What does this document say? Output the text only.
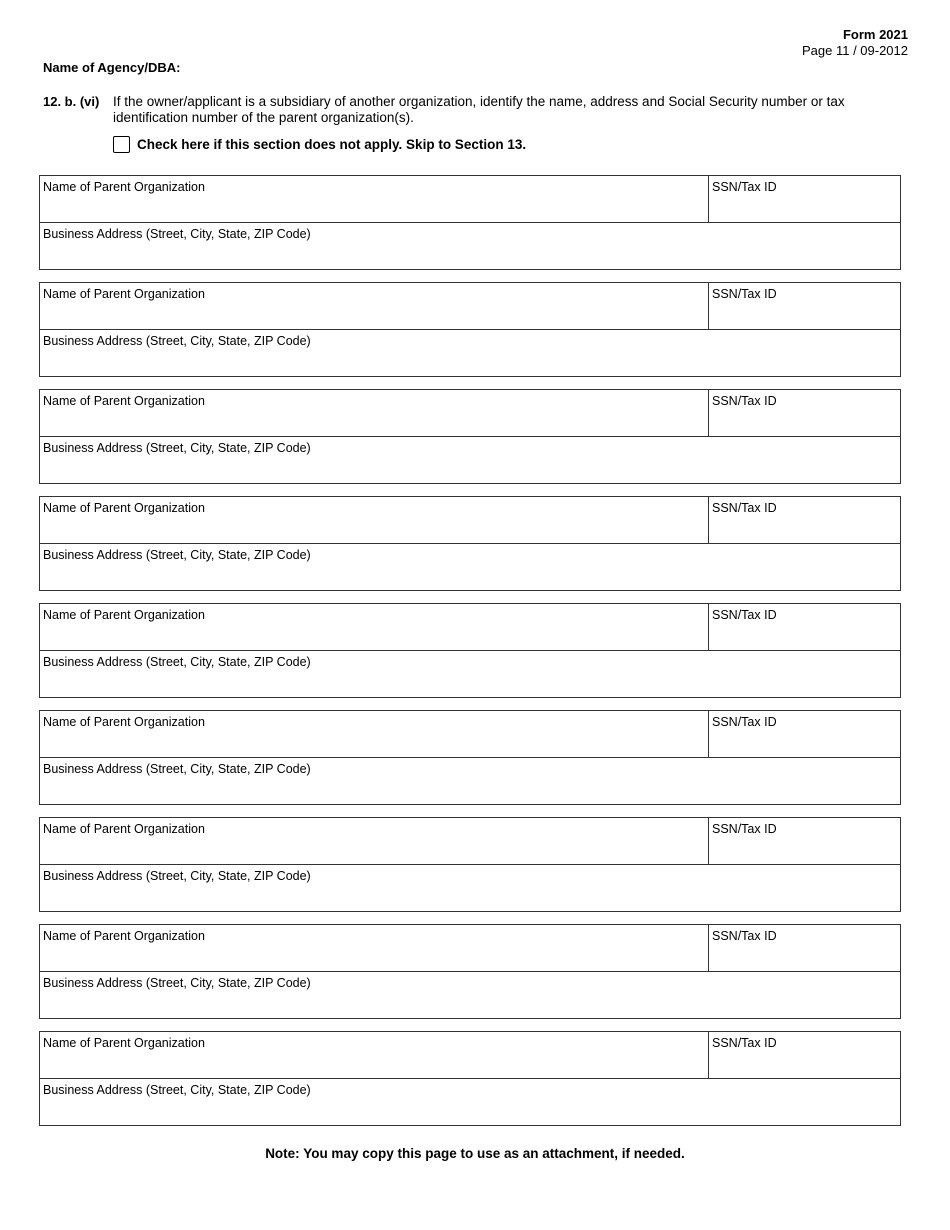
Form 2021
Page 11 / 09-2012
Name of Agency/DBA:
12. b. (vi) If the owner/applicant is a subsidiary of another organization, identify the name, address and Social Security number or tax identification number of the parent organization(s).
Check here if this section does not apply. Skip to Section 13.
Name of Parent Organization	SSN/Tax ID
Business Address (Street, City, State, ZIP Code)
Name of Parent Organization	SSN/Tax ID
Business Address (Street, City, State, ZIP Code)
Name of Parent Organization	SSN/Tax ID
Business Address (Street, City, State, ZIP Code)
Name of Parent Organization	SSN/Tax ID
Business Address (Street, City, State, ZIP Code)
Name of Parent Organization	SSN/Tax ID
Business Address (Street, City, State, ZIP Code)
Name of Parent Organization	SSN/Tax ID
Business Address (Street, City, State, ZIP Code)
Name of Parent Organization	SSN/Tax ID
Business Address (Street, City, State, ZIP Code)
Name of Parent Organization	SSN/Tax ID
Business Address (Street, City, State, ZIP Code)
Name of Parent Organization	SSN/Tax ID
Business Address (Street, City, State, ZIP Code)
Note: You may copy this page to use as an attachment, if needed.
